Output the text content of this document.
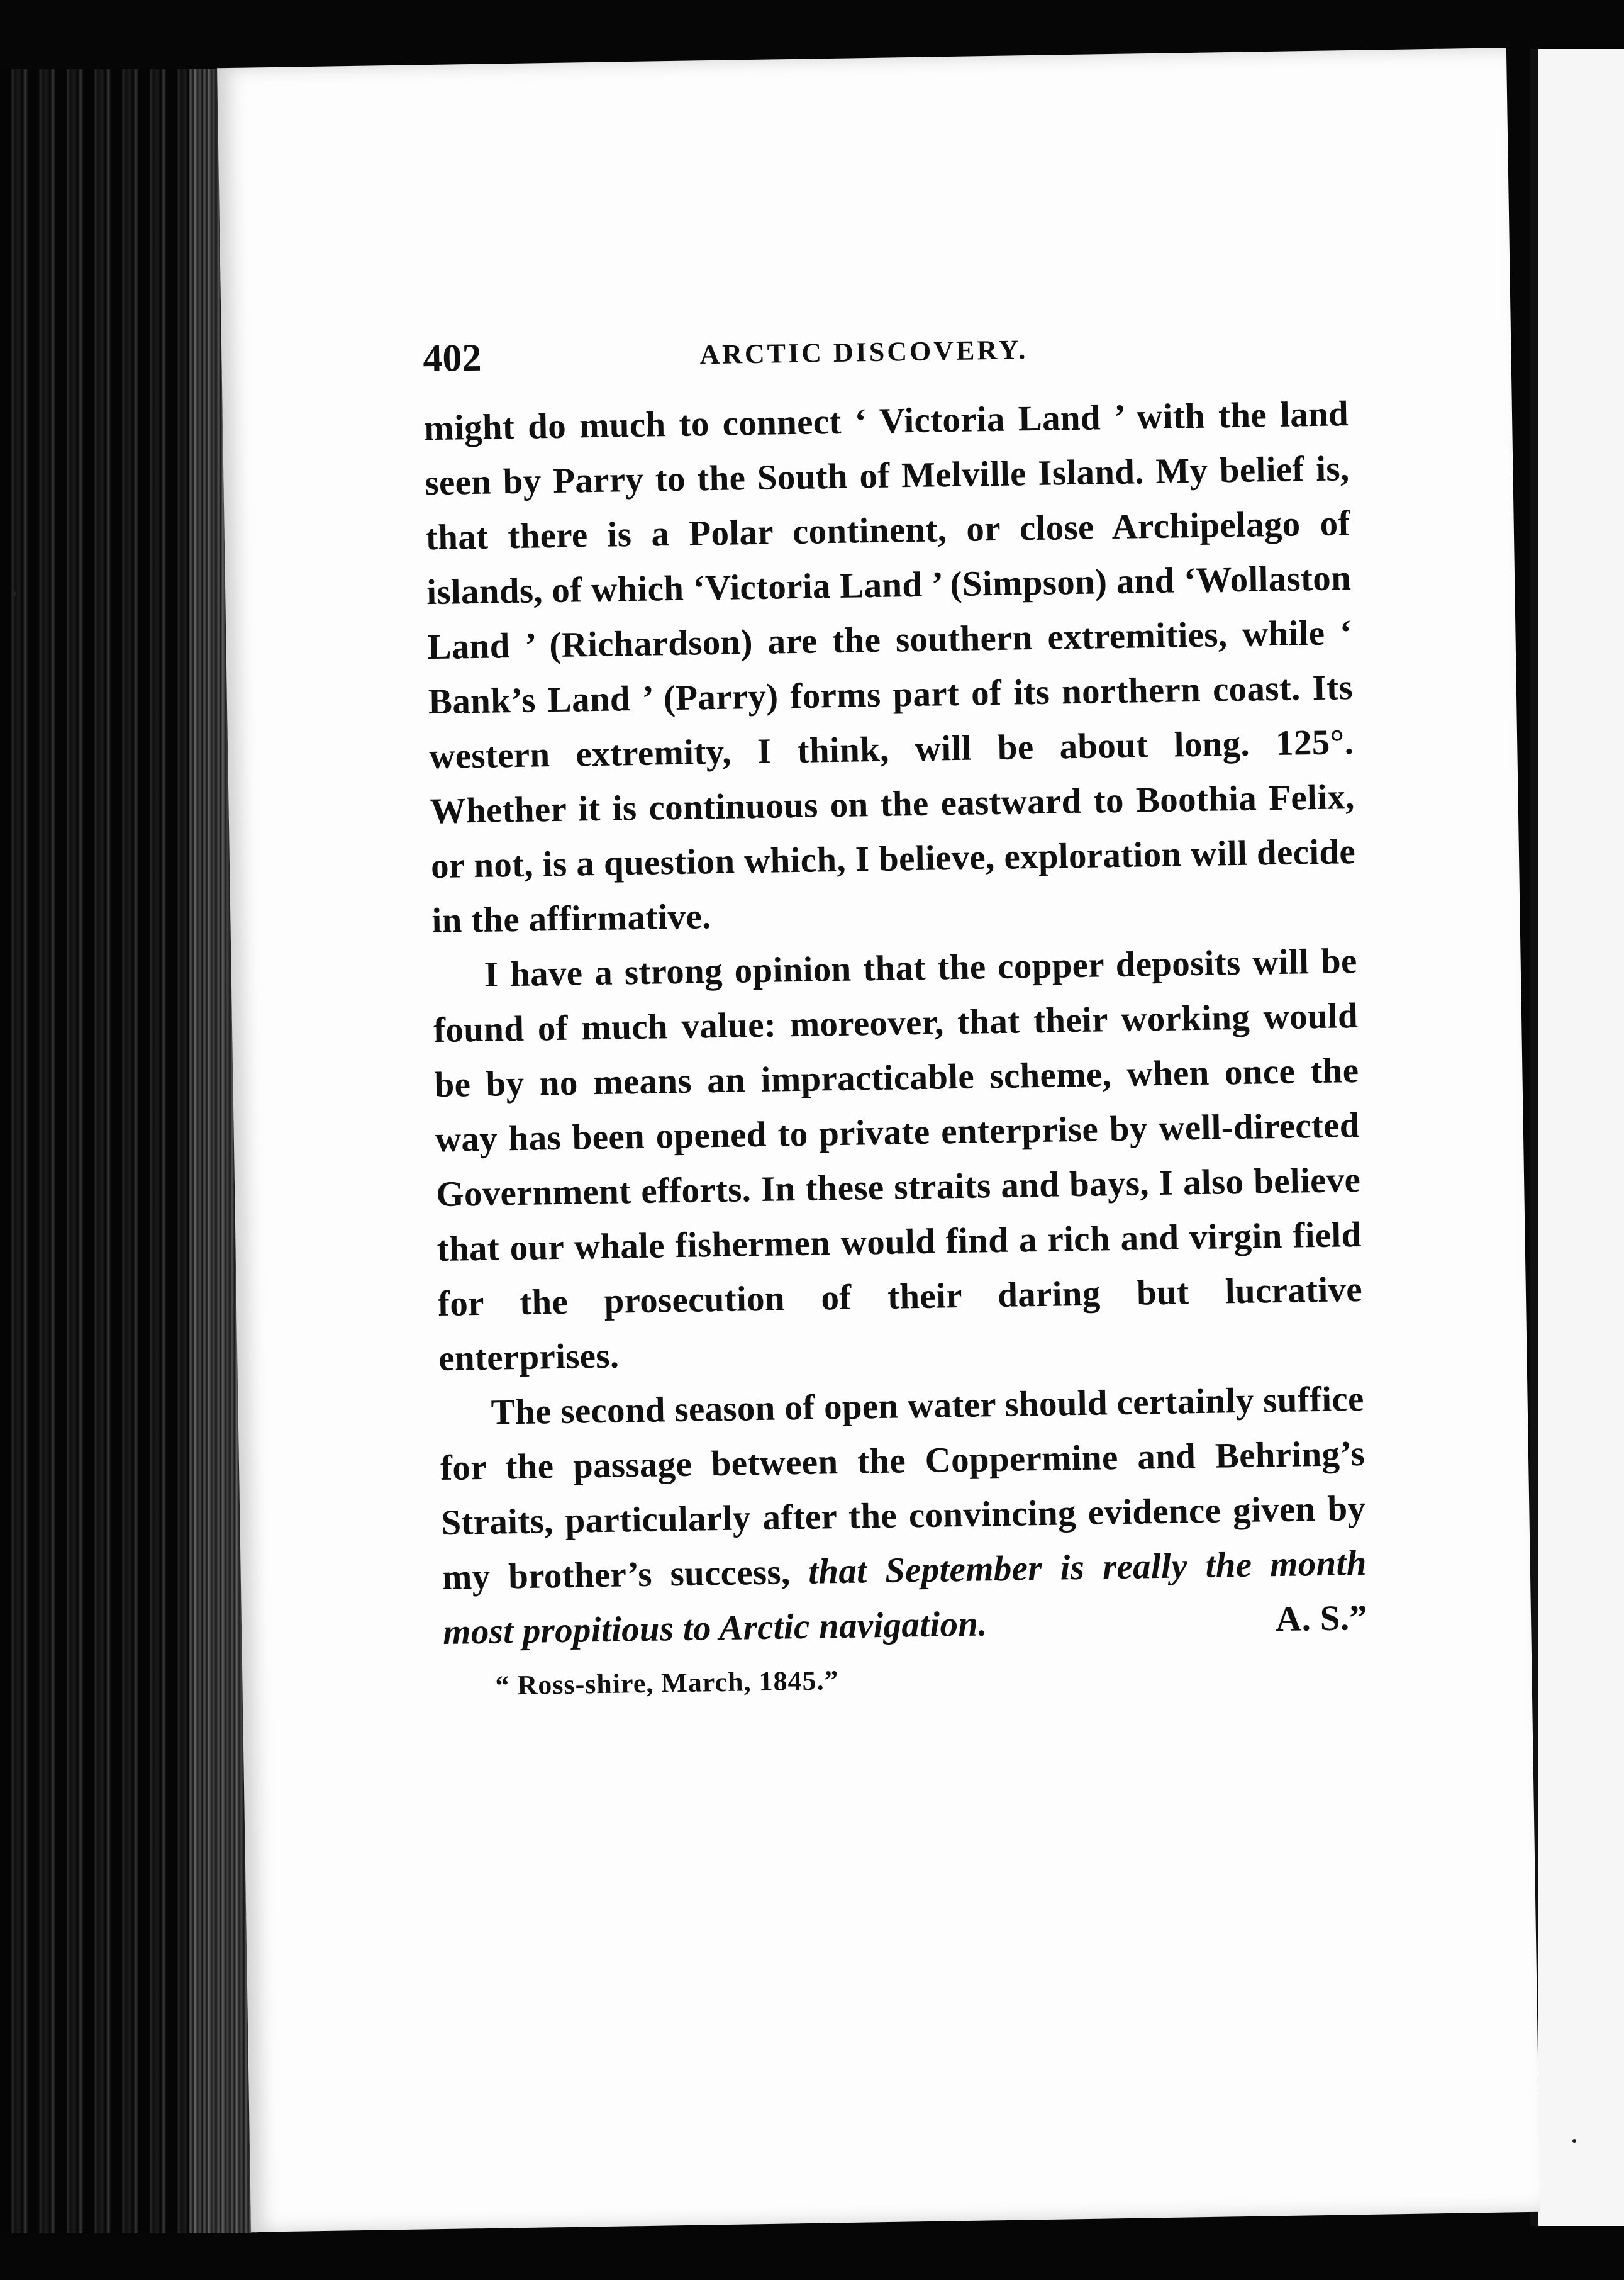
402	ARCTIC DISCOVERY.

might do much to connect ‘ Victoria Land ’ with the land seen by Parry to the South of Melville Island. My belief is, that there is a Polar continent, or close Archipelago of islands, of which ‘Victoria Land ’ (Simpson) and ‘Wollaston Land ’ (Richardson) are the southern extremities, while ‘ Bank’s Land ’ (Parry) forms part of its northern coast. Its western extremity, I think, will be about long. 125°. Whether it is continuous on the eastward to Boothia Felix, or not, is a question which, I believe, exploration will decide in the affirmative.

I have a strong opinion that the copper deposits will be found of much value: moreover, that their working would be by no means an impracticable scheme, when once the way has been opened to private enterprise by well-directed Government efforts. In these straits and bays, I also believe that our whale fishermen would find a rich and virgin field for the prosecution of their daring but lucrative enterprises.

The second season of open water should certainly suffice for the passage between the Coppermine and Behring’s Straits, particularly after the convincing evidence given by my brother’s success, that September is really the month most propitious to Arctic navigation.	A. S.”

“ Ross-shire, March, 1845.”
